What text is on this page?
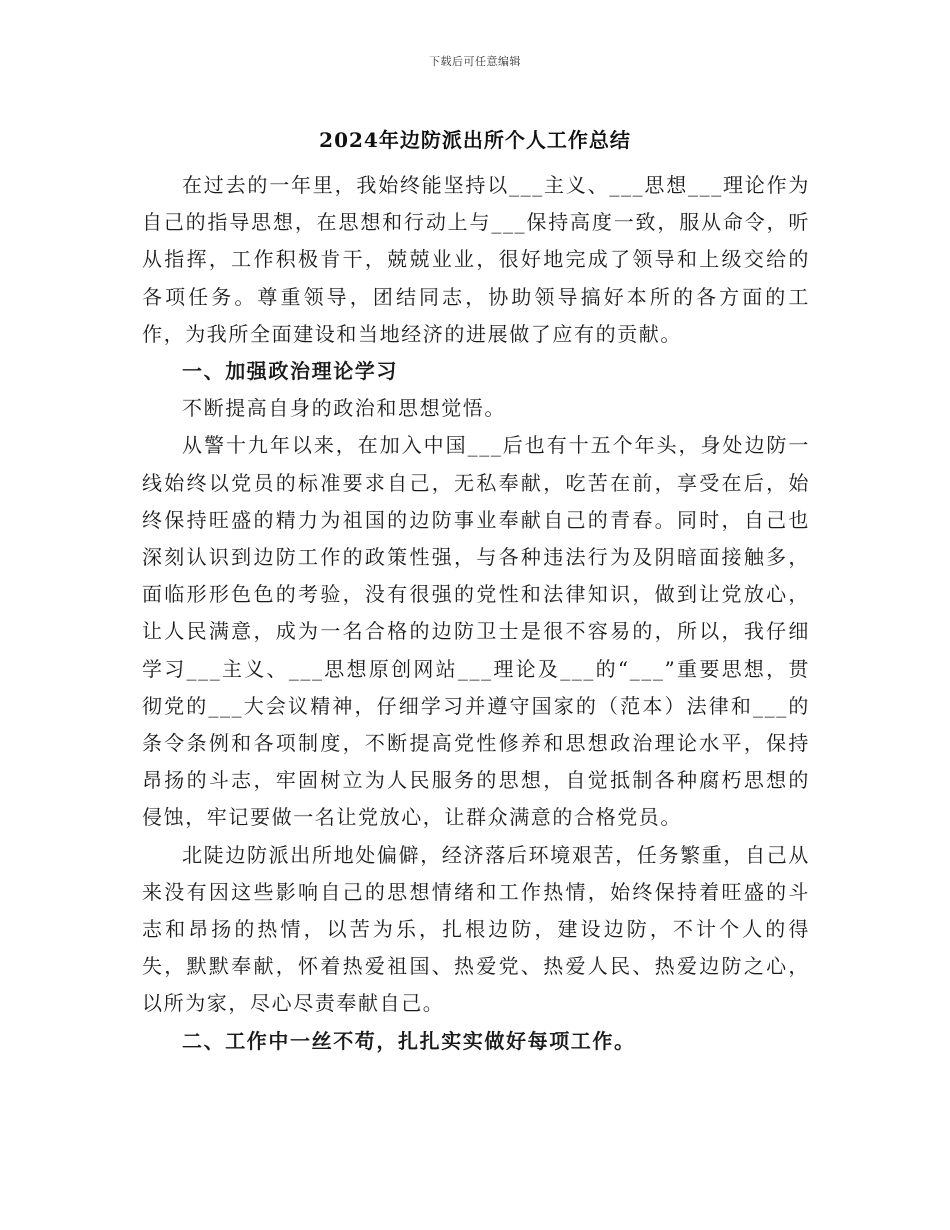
下载后可任意编辑
2024年边防派出所个人工作总结

在过去的一年里，我始终能坚持以___主义、___思想___理论作为自己的指导思想，在思想和行动上与___保持高度一致，服从命令，听从指挥，工作积极肯干，兢兢业业，很好地完成了领导和上级交给的各项任务。尊重领导，团结同志，协助领导搞好本所的各方面的工作，为我所全面建设和当地经济的进展做了应有的贡献。

一、加强政治理论学习

不断提高自身的政治和思想觉悟。

从警十九年以来，在加入中国___后也有十五个年头，身处边防一线始终以党员的标准要求自己，无私奉献，吃苦在前，享受在后，始终保持旺盛的精力为祖国的边防事业奉献自己的青春。同时，自己也深刻认识到边防工作的政策性强，与各种违法行为及阴暗面接触多，面临形形色色的考验，没有很强的党性和法律知识，做到让党放心，让人民满意，成为一名合格的边防卫士是很不容易的，所以，我仔细学习___主义、___思想原创网站___理论及___的“___”重要思想，贯彻党的___大会议精神，仔细学习并遵守国家的（范本）法律和___的条令条例和各项制度，不断提高党性修养和思想政治理论水平，保持昂扬的斗志，牢固树立为人民服务的思想，自觉抵制各种腐朽思想的侵蚀，牢记要做一名让党放心，让群众满意的合格党员。

北陡边防派出所地处偏僻，经济落后环境艰苦，任务繁重，自己从来没有因这些影响自己的思想情绪和工作热情，始终保持着旺盛的斗志和昂扬的热情，以苦为乐，扎根边防，建设边防，不计个人的得失，默默奉献，怀着热爱祖国、热爱党、热爱人民、热爱边防之心，以所为家，尽心尽责奉献自己。

二、工作中一丝不苟，扎扎实实做好每项工作。
